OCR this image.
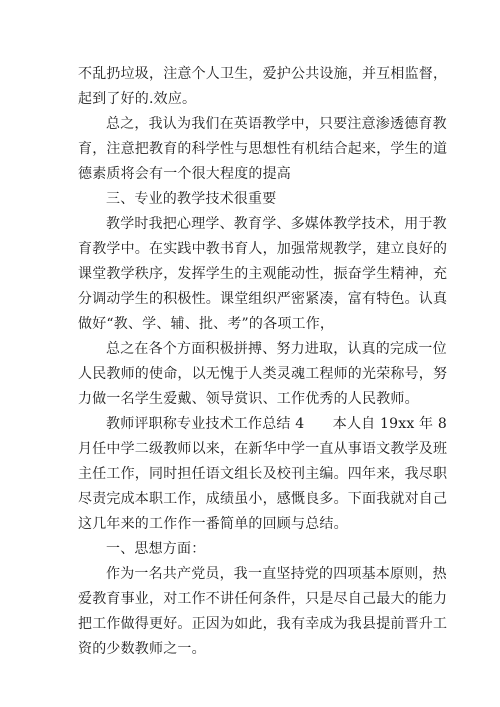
不乱扔垃圾，注意个人卫生，爱护公共设施，并互相监督，
起到了好的.效应。
总之，我认为我们在英语教学中，只要注意渗透德育教
育，注意把教育的科学性与思想性有机结合起来，学生的道
德素质将会有一个很大程度的提高
三、专业的教学技术很重要
教学时我把心理学、教育学、多媒体教学技术，用于教
育教学中。在实践中教书育人，加强常规教学，建立良好的
课堂教学秩序，发挥学生的主观能动性，振奋学生精神，充
分调动学生的积极性。课堂组织严密紧凑，富有特色。认真
做好“教、学、辅、批、考”的各项工作，
总之在各个方面积极拼搏、努力进取，认真的完成一位
人民教师的使命，以无愧于人类灵魂工程师的光荣称号，努
力做一名学生爱戴、领导赏识、工作优秀的人民教师。
教师评职称专业技术工作总结 4　　本人自 19xx 年 8
月任中学二级教师以来，在新华中学一直从事语文教学及班
主任工作，同时担任语文组长及校刊主编。四年来，我尽职
尽责完成本职工作，成绩虽小，感慨良多。下面我就对自己
这几年来的工作作一番简单的回顾与总结。
一、思想方面：
作为一名共产党员，我一直坚持党的四项基本原则，热
爱教育事业，对工作不讲任何条件，只是尽自己最大的能力
把工作做得更好。正因为如此，我有幸成为我县提前晋升工
资的少数教师之一。
